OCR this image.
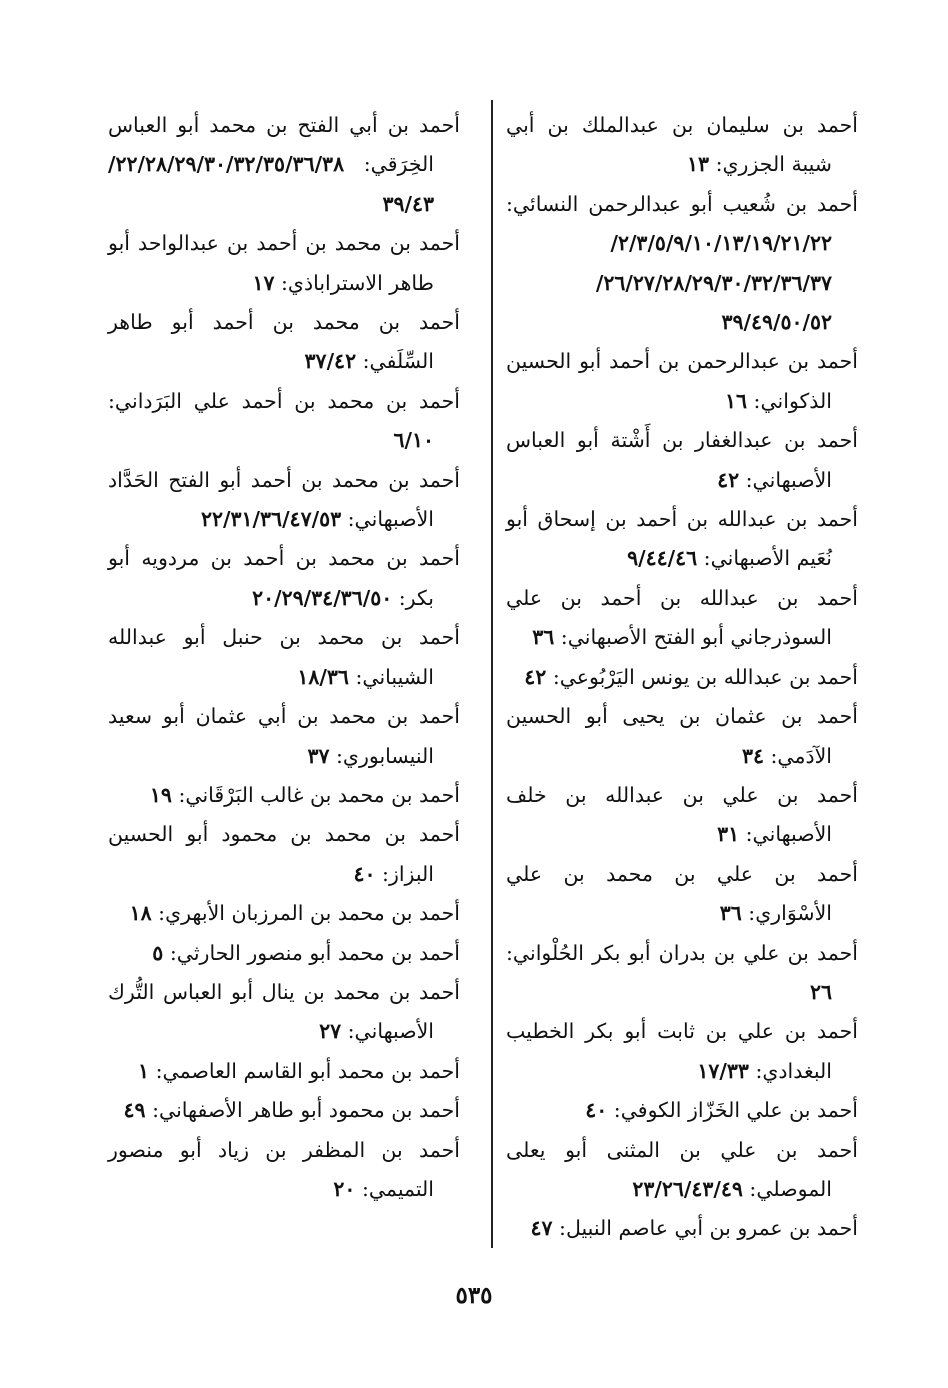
أحمد بن سليمان بن عبدالملك بن أبي شيبة الجزري: ١٣

أحمد بن شُعيب أبو عبدالرحمن النسائي: ٢/٣/٥/٩/١٠/١٣/١٩/٢١/٢٢/ ٢٦/٢٧/٢٨/٢٩/٣٠/٣٢/٣٦/٣٧/ ٣٩/٤٩/٥٠/٥٢

أحمد بن عبدالرحمن بن أحمد أبو الحسين الذكواني: ١٦

أحمد بن عبدالغفار بن أَشْتة أبو العباس الأصبهاني: ٤٢

أحمد بن عبدالله بن أحمد بن إسحاق أبو نُعَيم الأصبهاني: ٩/٤٤/٤٦

أحمد بن عبدالله بن أحمد بن علي السوذرجاني أبو الفتح الأصبهاني: ٣٦

أحمد بن عبدالله بن يونس اليَرْبُوعي: ٤٢

أحمد بن عثمان بن يحيى أبو الحسين الآدَمي: ٣٤

أحمد بن علي بن عبدالله بن خلف الأصبهاني: ٣١

أحمد بن علي بن محمد بن علي الأسْوَاري: ٣٦

أحمد بن علي بن بدران أبو بكر الحُلْواني: ٢٦

أحمد بن علي بن ثابت أبو بكر الخطيب البغدادي: ١٧/٣٣

أحمد بن علي الخَزّاز الكوفي: ٤٠

أحمد بن علي بن المثنى أبو يعلى الموصلي: ٢٣/٢٦/٤٣/٤٩

أحمد بن عمرو بن أبي عاصم النبيل: ٤٧

أحمد بن أبي الفتح بن محمد أبو العباس الخِرَقي: ٢٢/٢٨/٢٩/٣٠/٣٢/٣٥/٣٦/٣٨/ ٣٩/٤٣

أحمد بن محمد بن أحمد بن عبدالواحد أبو طاهر الاستراباذي: ١٧

أحمد بن محمد بن أحمد أبو طاهر السِّلَفي: ٣٧/٤٢

أحمد بن محمد بن أحمد علي البَرَداني: ٦/١٠

أحمد بن محمد بن أحمد أبو الفتح الحَدَّاد الأصبهاني: ٢٢/٣١/٣٦/٤٧/٥٣

أحمد بن محمد بن أحمد بن مردويه أبو بكر: ٢٠/٢٩/٣٤/٣٦/٥٠

أحمد بن محمد بن حنبل أبو عبدالله الشيباني: ١٨/٣٦

أحمد بن محمد بن أبي عثمان أبو سعيد النيسابوري: ٣٧

أحمد بن محمد بن غالب البَرْقَاني: ١٩

أحمد بن محمد بن محمود أبو الحسين البزاز: ٤٠

أحمد بن محمد بن المرزبان الأبهري: ١٨

أحمد بن محمد أبو منصور الحارثي: ٥

أحمد بن محمد بن ينال أبو العباس التُّرك الأصبهاني: ٢٧

أحمد بن محمد أبو القاسم العاصمي: ١

أحمد بن محمود أبو طاهر الأصفهاني: ٤٩

أحمد بن المظفر بن زياد أبو منصور التميمي: ٢٠

٥٣٥
